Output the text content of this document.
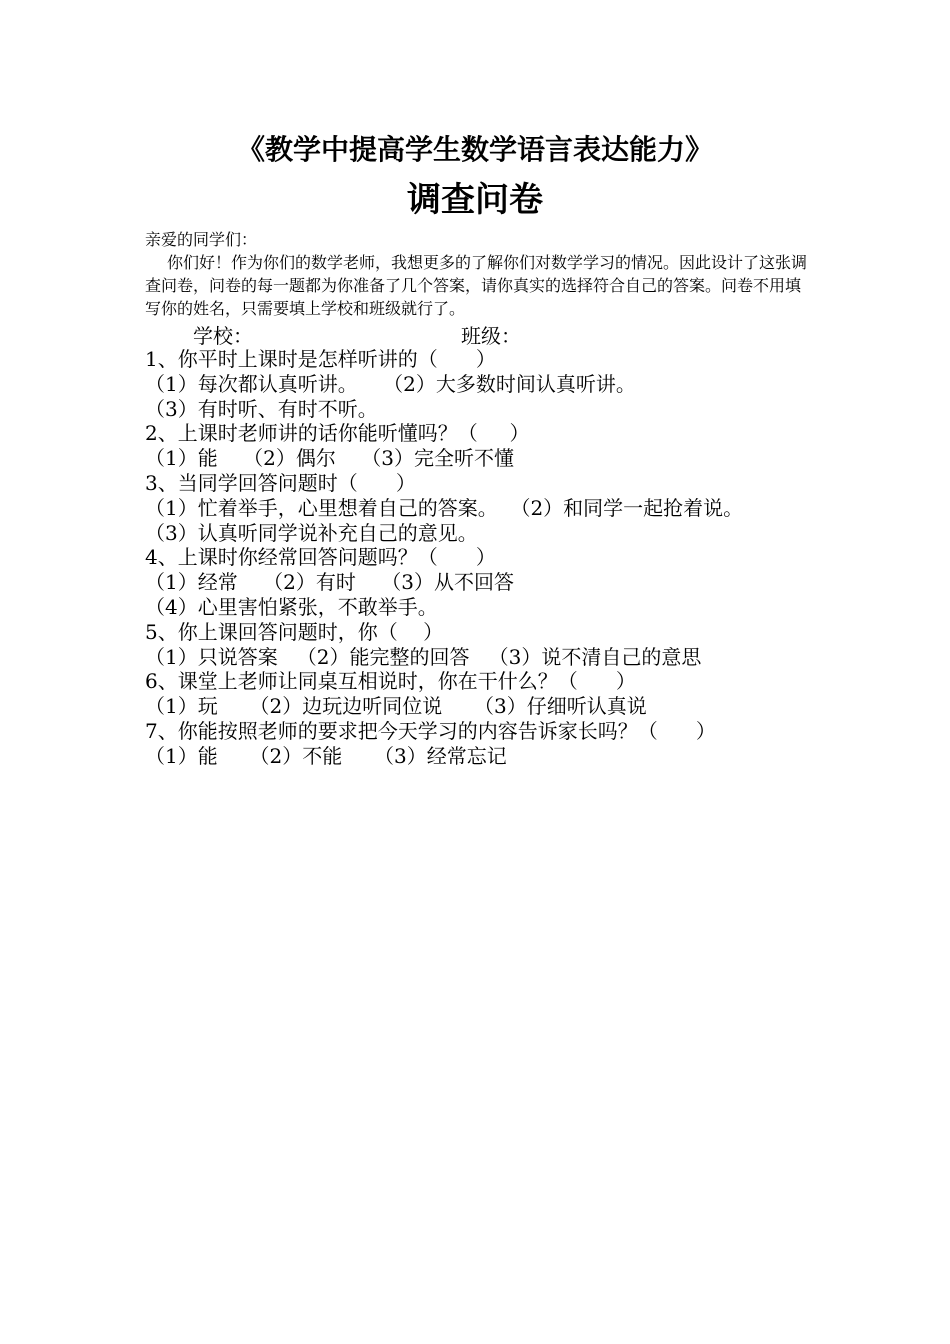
《教学中提高学生数学语言表达能力》
调查问卷
亲爱的同学们：
你们好！作为你们的数学老师，我想更多的了解你们对数学学习的情况。因此设计了这张调查问卷，问卷的每一题都为你准备了几个答案，请你真实的选择符合自己的答案。问卷不用填写你的姓名，只需要填上学校和班级就行了。
学校：	班级：

1、你平时上课时是怎样听讲的（      ）

（1）每次都认真听讲。    （2）大多数时间认真听讲。

（3）有时听、有时不听。

2、上课时老师讲的话你能听懂吗？（     ）

（1）能    （2）偶尔    （3）完全听不懂

3、当同学回答问题时（      ）

（1）忙着举手，心里想着自己的答案。  （2）和同学一起抢着说。

（3）认真听同学说补充自己的意见。

4、上课时你经常回答问题吗？（      ）

（1）经常    （2）有时    （3）从不回答

（4）心里害怕紧张，不敢举手。

5、你上课回答问题时，你（    ）

（1）只说答案   （2）能完整的回答   （3）说不清自己的意思

6、课堂上老师让同桌互相说时，你在干什么？（      ）

（1）玩     （2）边玩边听同位说     （3）仔细听认真说

7、你能按照老师的要求把今天学习的内容告诉家长吗？（      ）

（1）能     （2）不能     （3）经常忘记
